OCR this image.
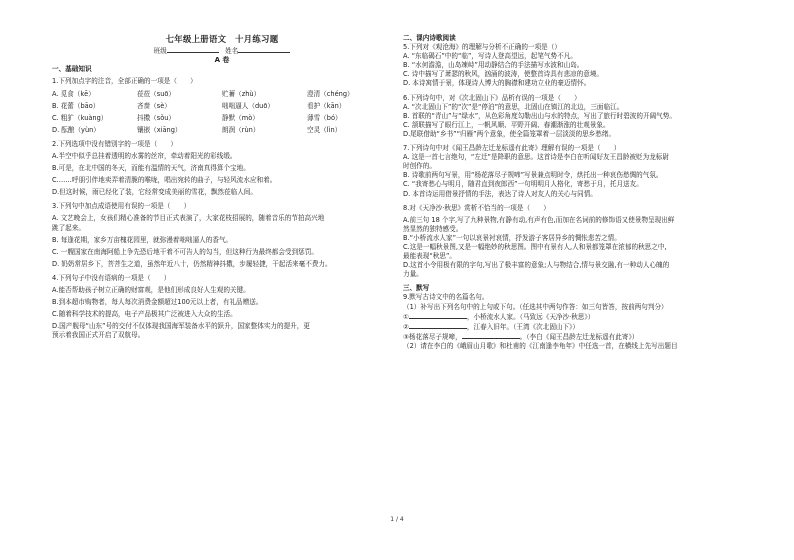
七年级上册语文　十月练习题

班级	姓名

A 卷

一、基础知识

1.下列加点字的注音，全部正确的一项是（　　）

A. 觅食（kē）	莅莅（suō）	贮蓄（zhù）	澄清（chéng）
B. 花蕾（bāo）	吝啬（sè）	咄咄逼人（duō）	看护（kān）
C. 粗犷（kuàng）	抖擞（sǒu）	静默（mò）	薄雪（bó）
D. 酝酿（yùn）	镶嵌（xiāng）	朗润（rùn）	空灵（lìn）

2.下列选项中没有错别字的一项是（　　）

A.半空中似乎总挂着透明的水雾的丝帘，牵动着阳光的彩线缎。

B.可是，在北中国的冬天，而能有温情的天气，济南真得算个宝地。

C.……呼朋引伴地卖弄着清脆的喉咙，唱出宛转的曲子，与轻风流水应和着。

D.但这时候，雨已经化了装，它经常变成美丽的雪花，飘然莅临人间。

3.下列句中加点成语使用有误的一项是（　　）

A. 文艺晚会上，女孩们精心准备的节目正式表演了，大家花枝招展的，随着音乐的节拍高兴地

跳了起来。

B. 每逢花期，家乡万亩槐花园里，就弥漫着咄咄逼人的香气。

C. 一艘国家在南海阿船上争先恐后地干着不可告人的勾当，但这种行为最终都会受到惩罚。

D. 奶奶常居乡下，菩菩生之道，虽然年近八十，仍然精神抖擞，步履轻捷，干起活来毫不费力。

4.下列句子中没有语病的一项是（　　）

A.能否帮助孩子树立正确的财富观，是他们形成良好人生观的关键。

B.到本超市购物者，每人每次消费金额超过100元以上者，有礼品赠送。

C.随着科学技术的提高，电子产品极其广泛被进入大众的生活。

D.国产舰母“山东”号的交付不仅体现我国海军装备水平的跃升，国家整体实力的提升，更

预示着我国正式开启了双航母。

二、课内诗歌阅读

5.下列对《观沧海》的理解与分析不正确的一项是（）

A. “东临碣石”中的“临”，写诗人登高望远，起笔气势不凡。

B. “水何澹澹，山岛竦峙”用动静结合的手法描写水波和山岛。

C. 诗中描写了萧瑟的秋风，汹涌的波涛，使整首诗具有悲凉的意境。

D. 本诗寓情于景，体现诗人博大的胸襟和建功立业的豪迈情怀。

6.下列诗句中，对《次北固山下》品析有误的一项是（　　）

A. “次北固山下”的“次”是“停泊”的意思，北固山在镇江的北边，三面临江。

B. 首联的“青山”与“绿水”，从色彩角度勾勒出山与水的特点，写出了旅行时碧波的开阔气势。

C. 颔联描写了眼行江上，一帆风顺、平野开阔、春潮渐涨的壮观景象。

D.尾联借助“乡书”“归雁”两个意象，使全篇笼罩着一层淡淡的思乡愁绪。

7.下列诗句中对《闻王昌龄左迁龙标遥有此寄》理解有误的一项是（　　）

A. 这是一首七言绝句，“左迁”是降职的意思。这首诗是李白在听闻好友王昌龄被贬为龙标尉

时创作的。

B. 诗歌前两句写景，用“杨花落尽子规啼”写景兼点明时令，烘托出一种哀伤愁惆的气氛。

C. “我寄愁心与明月，随君直到夜郎西”一句明明月人格化，寄愁于月，托月送友。

D. 本首诗运用借景抒情的手法，表达了诗人对友人的关心与同情。

8.对《天净沙·秋思》赏析不恰当的一项是（　　）

A.前三句 18 个字,写了九种景物,有静有动,有声有色,而加在名词前的修饰语又使景物呈现出鲜

然显然的独特感受。

B.“小桥流水人家”一句以哀景衬哀情，抒发游子客居异乡的惆怅悲苦之情。

C.这是一幅秋景图,又是一幅绝妙的秋思图。图中有景有人,人和景都笼罩在浓郁的秋思之中,

最能表现“秋思”。

D.这首小令用极有限的字句,写出了极丰富的意象;人与物结合,情与景交融,有一种动人心魄的

力量。

三、默写

9.默写古诗文中的名篇名句。

（1）补写出下列名句中的上句或下句。（任选其中两句作答：如三句皆答，按前两句判分）

①	，小桥流水人家。（马致远《天净沙·秋思》）

②	，江春入旧年。（王湾《次北固山下》）

③杨花落尽子规啼，	。（李白《闻王昌龄左迁龙标遥有此寄》）

（2）请在李白的《峨眉山月歌》和杜甫的《江南逢李龟年》中任选一首，在横线上先写出题目

1 / 4
